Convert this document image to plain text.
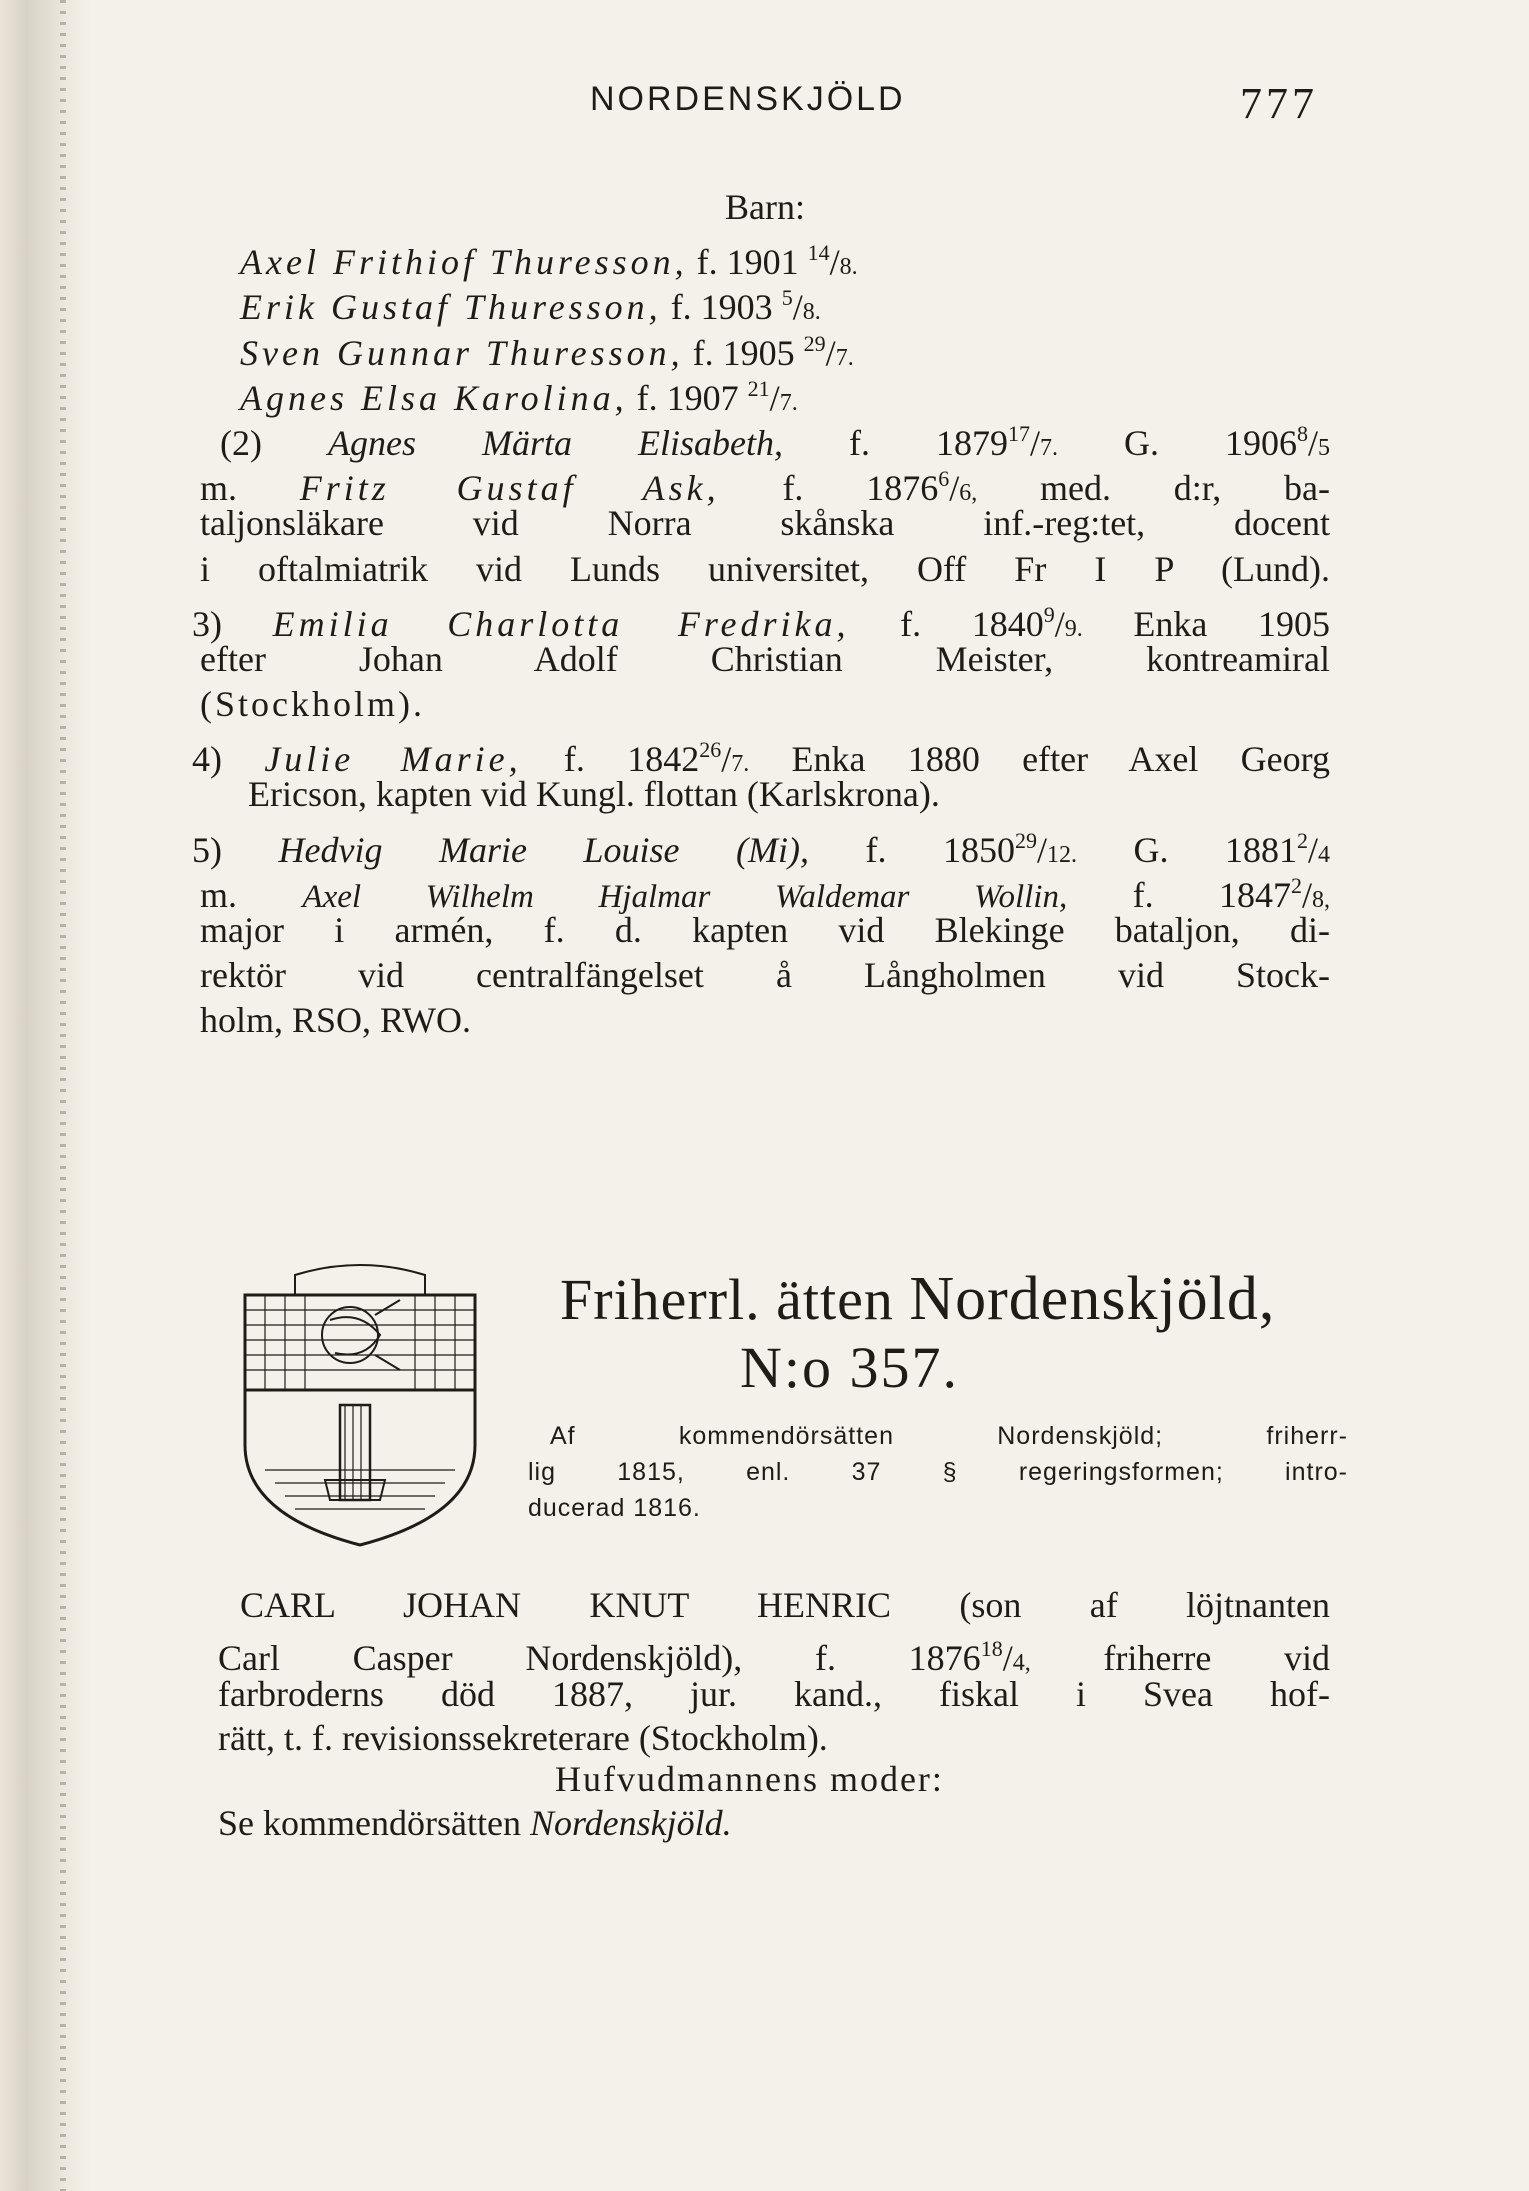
NORDENSKJÖLD	777
Barn:
Axel Frithiof Thuresson, f. 1901 $^{14}$/8.
Erik Gustaf Thuresson, f. 1903 $^5$/8.
Sven Gunnar Thuresson, f. 1905 $^{29}$/7.
Agnes Elsa Karolina, f. 1907 $^{21}$/7.
(2) Agnes Märta Elisabeth, f. 1879$^{17}$/7. G. 1906$^8$/5
m. Fritz Gustaf Ask, f. 1876$^6$/6, med. d:r, ba-
taljonsläkare vid Norra skånska inf.-reg:tet, docent
i oftalmiatrik vid Lunds universitet, Off Fr I P (Lund).
3) Emilia Charlotta Fredrika, f. 1840$^9$/9. Enka 1905
efter Johan Adolf Christian Meister, kontreamiral
(Stockholm).
4) Julie Marie, f. 1842$^{26}$/7. Enka 1880 efter Axel Georg
Ericson, kapten vid Kungl. flottan (Karlskrona).
5) Hedvig Marie Louise (Mi), f. 1850$^{29}$/12. G. 1881$^2$/4
m. Axel Wilhelm Hjalmar Waldemar Wollin, f. 1847$^2$/8,
major i armén, f. d. kapten vid Blekinge bataljon, di-
rektör vid centralfängelset å Långholmen vid Stock-
holm, RSO, RWO.
Friherrl. ätten Nordenskjöld,
N:o 357.
Af kommendörsätten Nordenskjöld; friherr-
lig 1815, enl. 37 § regeringsformen; intro-
ducerad 1816.
CARL JOHAN KNUT HENRIC (son af löjtnanten
Carl Casper Nordenskjöld), f. 1876$^{18}$/4, friherre vid
farbroderns död 1887, jur. kand., fiskal i Svea hof-
rätt, t. f. revisionssekreterare (Stockholm).
Hufvudmannens moder:
Se kommendörsätten Nordenskjöld.
